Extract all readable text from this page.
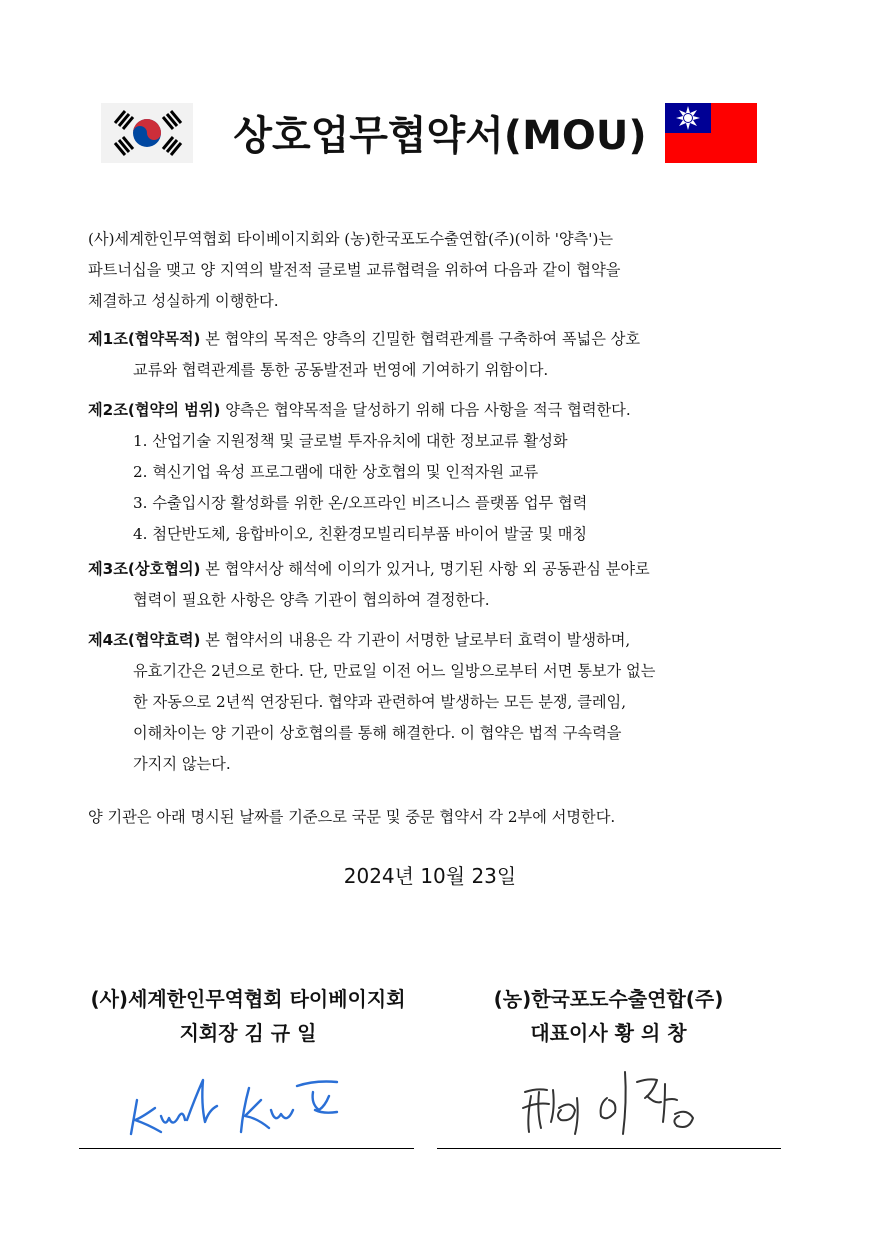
상호업무협약서(MOU)
(사)세계한인무역협회 타이베이지회와 (농)한국포도수출연합(주)(이하 '양측')는
파트너십을 맺고 양 지역의 발전적 글로벌 교류협력을 위하여 다음과 같이 협약을
체결하고 성실하게 이행한다.
제1조(협약목적) 본 협약의 목적은 양측의 긴밀한 협력관계를 구축하여 폭넓은 상호
교류와 협력관계를 통한 공동발전과 번영에 기여하기 위함이다.
제2조(협약의 범위) 양측은 협약목적을 달성하기 위해 다음 사항을 적극 협력한다.
1. 산업기술 지원정책 및 글로벌 투자유치에 대한 정보교류 활성화
2. 혁신기업 육성 프로그램에 대한 상호협의 및 인적자원 교류
3. 수출입시장 활성화를 위한 온/오프라인 비즈니스 플랫폼 업무 협력
4. 첨단반도체, 융합바이오, 친환경모빌리티부품 바이어 발굴 및 매칭
제3조(상호협의) 본 협약서상 해석에 이의가 있거나, 명기된 사항 외 공동관심 분야로
협력이 필요한 사항은 양측 기관이 협의하여 결정한다.
제4조(협약효력) 본 협약서의 내용은 각 기관이 서명한 날로부터 효력이 발생하며,
유효기간은 2년으로 한다. 단, 만료일 이전 어느 일방으로부터 서면 통보가 없는
한 자동으로 2년씩 연장된다. 협약과 관련하여 발생하는 모든 분쟁, 클레임,
이해차이는 양 기관이 상호협의를 통해 해결한다. 이 협약은 법적 구속력을
가지지 않는다.
양 기관은 아래 명시된 날짜를 기준으로 국문 및 중문 협약서 각 2부에 서명한다.
2024년 10월 23일
(사)세계한인무역협회 타이베이지회
지회장 김 규 일
(농)한국포도수출연합(주)
대표이사 황 의 창
